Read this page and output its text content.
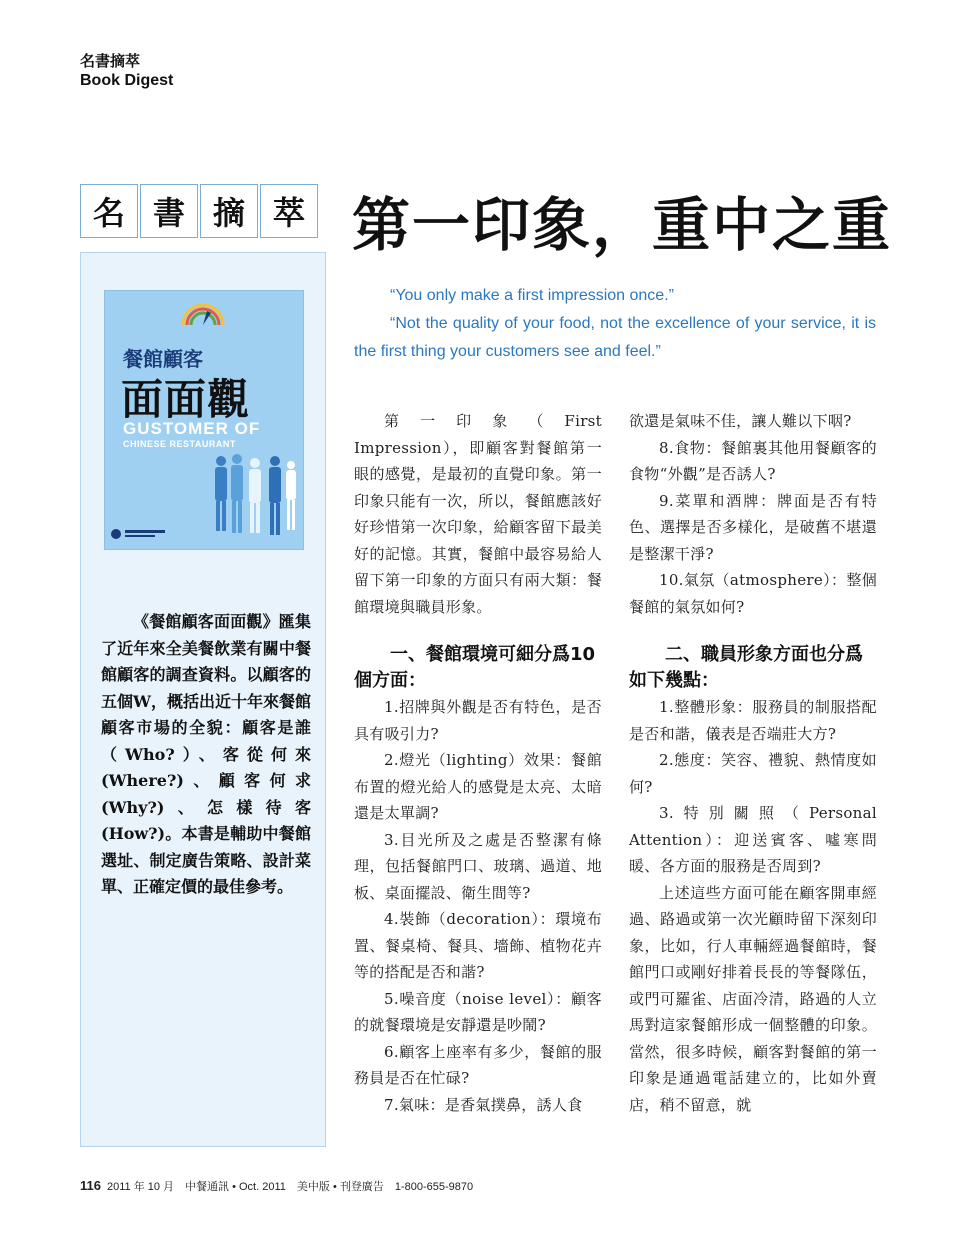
名書摘萃
Book Digest
名 書 摘 萃 第一印象，重中之重
餐館顧客
面面觀
GUSTOMER OF
CHINESE RESTAURANT
《餐館顧客面面觀》匯集了近年來全美餐飲業有關中餐館顧客的調查資料。以顧客的五個W，概括出近十年來餐館顧客市場的全貌：顧客是誰（Who?）、客從何來(Where?)、顧客何求(Why?)、怎樣待客(How?)。本書是輔助中餐館選址、制定廣告策略、設計菜單、正確定價的最佳參考。
“You only make a first impression once.”
“Not the quality of your food, not the excellence of your service, it is the first thing your customers see and feel.”

第一印象（First Impression），即顧客對餐館第一眼的感覺，是最初的直覺印象。第一印象只能有一次，所以，餐館應該好好珍惜第一次印象，給顧客留下最美好的記憶。其實，餐館中最容易給人留下第一印象的方面只有兩大類：餐館環境與職員形象。

一、餐館環境可細分爲10個方面：

1.招牌與外觀是否有特色，是否具有吸引力?

2.燈光（lighting）效果：餐館布置的燈光給人的感覺是太亮、太暗還是太單調?

3.目光所及之處是否整潔有條理，包括餐館門口、玻璃、過道、地板、桌面擺設、衛生間等?

4.裝飾（decoration）：環境布置、餐桌椅、餐具、墻飾、植物花卉等的搭配是否和諧?

5.噪音度（noise level）：顧客的就餐環境是安靜還是吵鬧?

6.顧客上座率有多少，餐館的服務員是否在忙碌?

7.氣味：是香氣撲鼻，誘人食

欲還是氣味不佳，讓人難以下咽?

8.食物：餐館裏其他用餐顧客的食物“外觀”是否誘人?

9.菜單和酒牌：牌面是否有特色、選擇是否多樣化，是破舊不堪還是整潔干淨?

10.氣氛（atmosphere）：整個餐館的氣氛如何?

二、職員形象方面也分爲如下幾點：

1.整體形象：服務員的制服搭配是否和諧，儀表是否端莊大方?

2.態度：笑容、禮貌、熱情度如何?

3.特別關照（Personal Attention）：迎送賓客、噓寒問暖、各方面的服務是否周到?

上述這些方面可能在顧客開車經過、路過或第一次光顧時留下深刻印象，比如，行人車輛經過餐館時，餐館門口或剛好排着長長的等餐隊伍，或門可羅雀、店面冷清，路過的人立馬對這家餐館形成一個整體的印象。當然，很多時候，顧客對餐館的第一印象是通過電話建立的，比如外賣店，稍不留意，就

116 2011 年 10 月　中餐通訊 • Oct. 2011　美中版 • 刊登廣告　1-800-655-9870
